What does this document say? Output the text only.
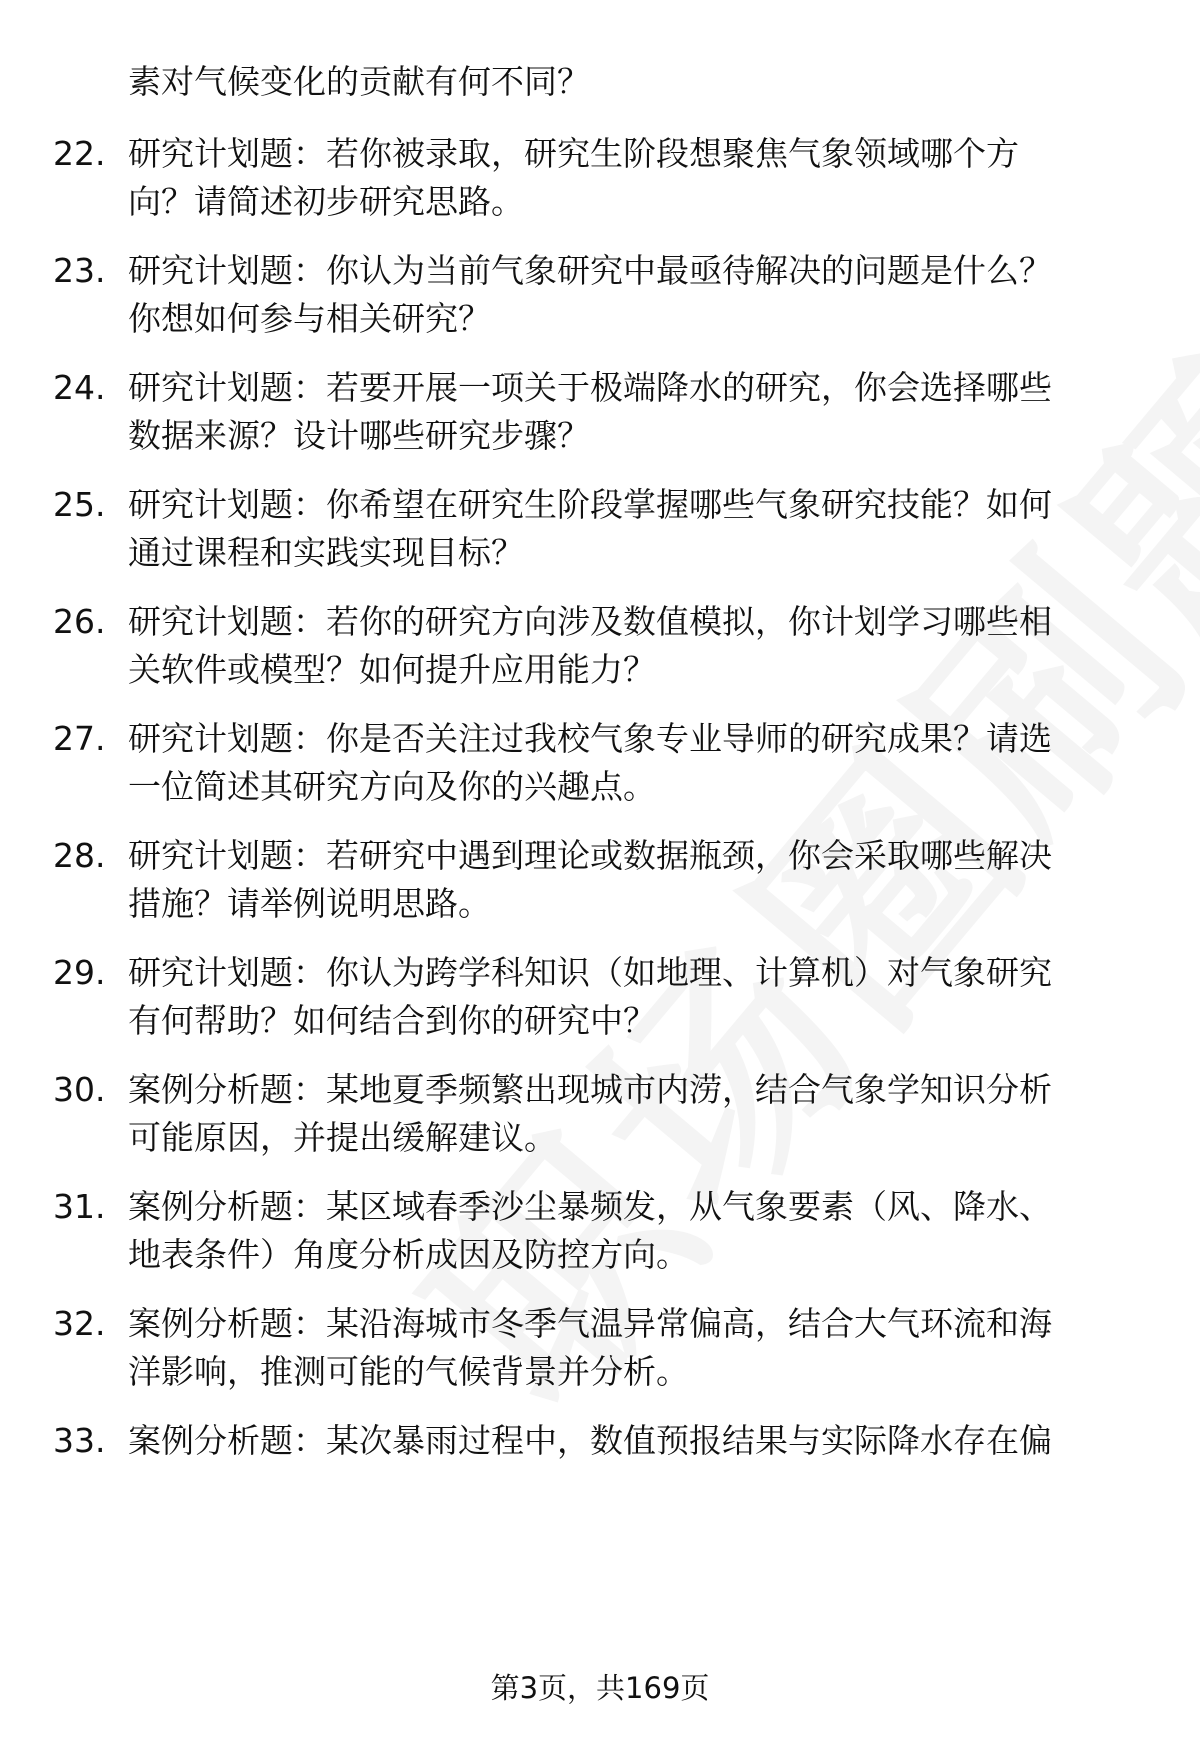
素对气候变化的贡献有何不同？
22. 研究计划题：若你被录取，研究生阶段想聚焦气象领域哪个方
向？请简述初步研究思路。
23. 研究计划题：你认为当前气象研究中最亟待解决的问题是什么？
你想如何参与相关研究？
24. 研究计划题：若要开展一项关于极端降水的研究，你会选择哪些
数据来源？设计哪些研究步骤？
25. 研究计划题：你希望在研究生阶段掌握哪些气象研究技能？如何
通过课程和实践实现目标？
26. 研究计划题：若你的研究方向涉及数值模拟，你计划学习哪些相
关软件或模型？如何提升应用能力？
27. 研究计划题：你是否关注过我校气象专业导师的研究成果？请选
一位简述其研究方向及你的兴趣点。
28. 研究计划题：若研究中遇到理论或数据瓶颈，你会采取哪些解决
措施？请举例说明思路。
29. 研究计划题：你认为跨学科知识（如地理、计算机）对气象研究
有何帮助？如何结合到你的研究中？
30. 案例分析题：某地夏季频繁出现城市内涝，结合气象学知识分析
可能原因，并提出缓解建议。
31. 案例分析题：某区域春季沙尘暴频发，从气象要素（风、降水、
地表条件）角度分析成因及防控方向。
32. 案例分析题：某沿海城市冬季气温异常偏高，结合大气环流和海
洋影响，推测可能的气候背景并分析。
33. 案例分析题：某次暴雨过程中，数值预报结果与实际降水存在偏
第3页，共169页
